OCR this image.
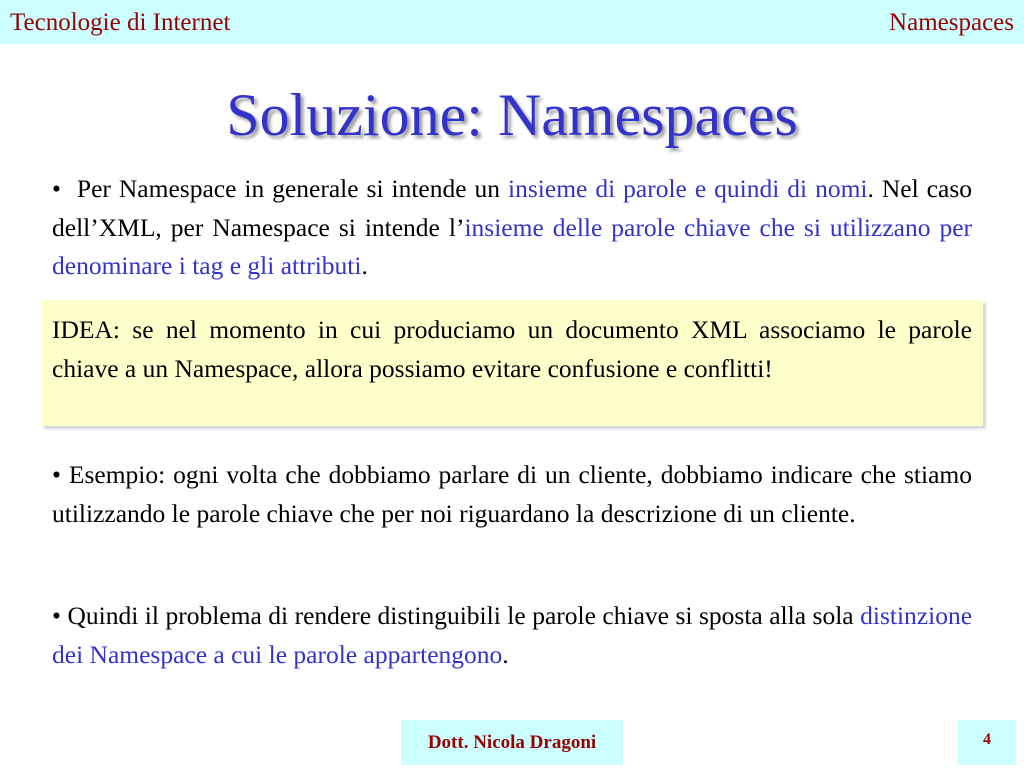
Tecnologie di Internet	Namespaces
Soluzione: Namespaces
• Per Namespace in generale si intende un insieme di parole e quindi di nomi. Nel caso dell’XML, per Namespace si intende l’insieme delle parole chiave che si utilizzano per denominare i tag e gli attributi.
IDEA: se nel momento in cui produciamo un documento XML associamo le parole chiave a un Namespace, allora possiamo evitare confusione e conflitti!
• Esempio: ogni volta che dobbiamo parlare di un cliente, dobbiamo indicare che stiamo utilizzando le parole chiave che per noi riguardano la descrizione di un cliente.
• Quindi il problema di rendere distinguibili le parole chiave si sposta alla sola distinzione dei Namespace a cui le parole appartengono.
Dott. Nicola Dragoni	4
